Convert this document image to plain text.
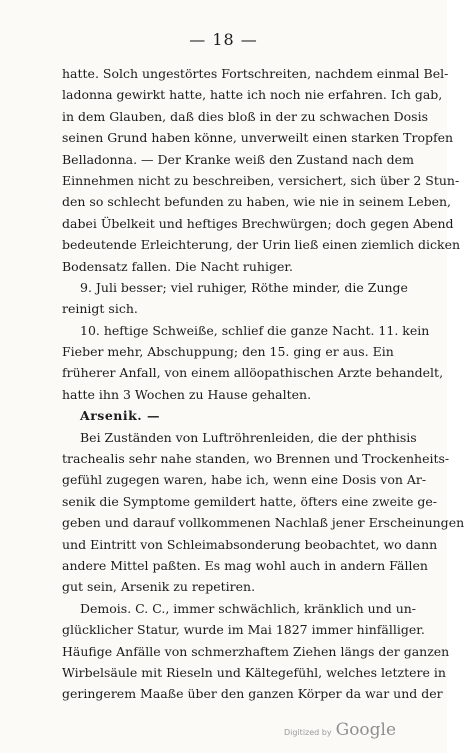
— 18 —
hatte. Solch ungestörtes Fortschreiten, nachdem einmal Bel-
ladonna gewirkt hatte, hatte ich noch nie erfahren. Ich gab,
in dem Glauben, daß dies bloß in der zu schwachen Dosis
seinen Grund haben könne, unverweilt einen starken Tropfen
Belladonna. — Der Kranke weiß den Zustand nach dem
Einnehmen nicht zu beschreiben, versichert, sich über 2 Stun-
den so schlecht befunden zu haben, wie nie in seinem Leben,
dabei Übelkeit und heftiges Brechwürgen; doch gegen Abend
bedeutende Erleichterung, der Urin ließ einen ziemlich dicken
Bodensatz fallen. Die Nacht ruhiger.
9. Juli besser; viel ruhiger, Röthe minder, die Zunge
reinigt sich.
10. heftige Schweiße, schlief die ganze Nacht. 11. kein
Fieber mehr, Abschuppung; den 15. ging er aus. Ein
früherer Anfall, von einem allöopathischen Arzte behandelt,
hatte ihn 3 Wochen zu Hause gehalten.
Arsenik. —
Bei Zuständen von Luftröhrenleiden, die der phthisis
trachealis sehr nahe standen, wo Brennen und Trockenheits-
gefühl zugegen waren, habe ich, wenn eine Dosis von Ar-
senik die Symptome gemildert hatte, öfters eine zweite ge-
geben und darauf vollkommenen Nachlaß jener Erscheinungen
und Eintritt von Schleimabsonderung beobachtet, wo dann
andere Mittel paßten. Es mag wohl auch in andern Fällen
gut sein, Arsenik zu repetiren.
Demois. C. C., immer schwächlich, kränklich und un-
glücklicher Statur, wurde im Mai 1827 immer hinfälliger.
Häufige Anfälle von schmerzhaftem Ziehen längs der ganzen
Wirbelsäule mit Rieseln und Kältegefühl, welches letztere in
geringerem Maaße über den ganzen Körper da war und der
Digitized by Google
